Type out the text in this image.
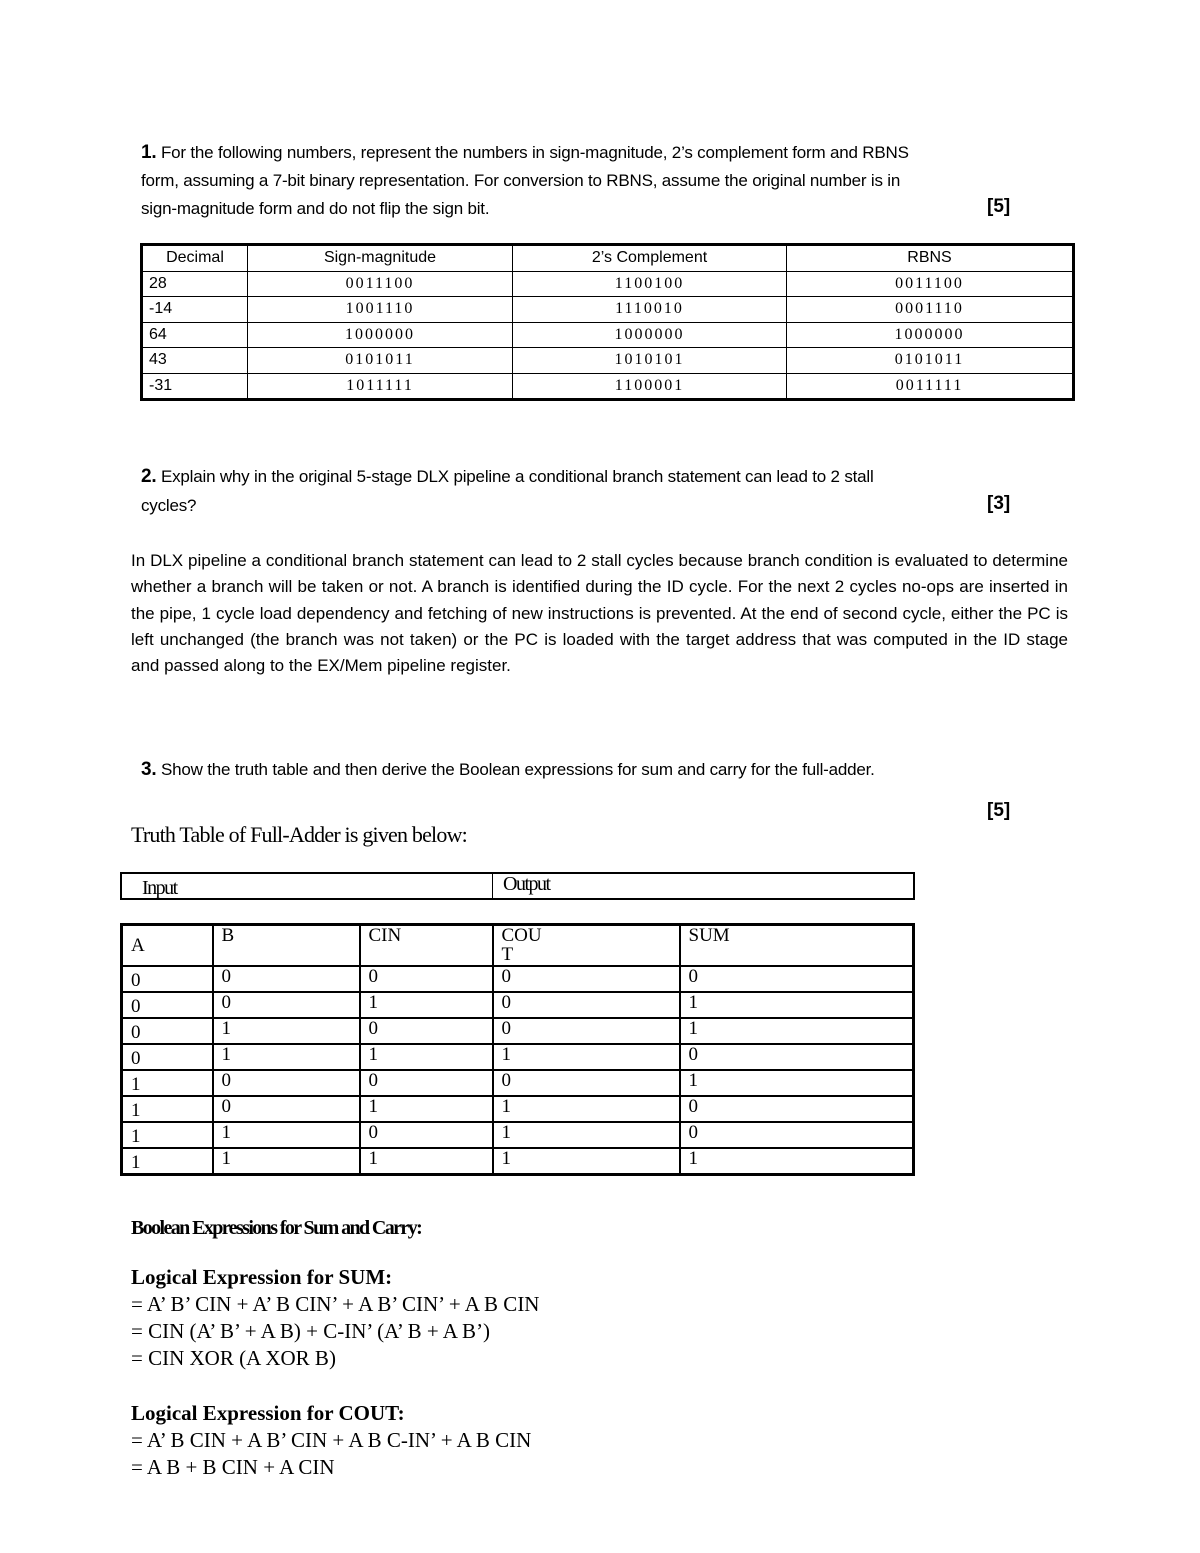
1. For the following numbers, represent the numbers in sign-magnitude, 2’s complement form and RBNS
form, assuming a 7-bit binary representation. For conversion to RBNS, assume the original number is in
sign-magnitude form and do not flip the sign bit.	[5]
Decimal	Sign-magnitude	2’s Complement	RBNS
28	0011100	1100100	0011100
-14	1001110	1110010	0001110
64	1000000	1000000	1000000
43	0101011	1010101	0101011
-31	1011111	1100001	0011111
2. Explain why in the original 5-stage DLX pipeline a conditional branch statement can lead to 2 stall
cycles?	[3]

In DLX pipeline a conditional branch statement can lead to 2 stall cycles because branch condition is evaluated to determine whether a branch will be taken or not. A branch is identified during the ID cycle. For the next 2 cycles no-ops are inserted in the pipe, 1 cycle load dependency and fetching of new instructions is prevented. At the end of second cycle, either the PC is left unchanged (the branch was not taken) or the PC is loaded with the target address that was computed in the ID stage and passed along to the EX/Mem pipeline register.

3. Show the truth table and then derive the Boolean expressions for sum and carry for the full-adder.
[5]
Truth Table of Full-Adder is given below:
Input	Output
A	B	CIN	COUT	SUM
0	0	0	0	0
0	0	1	0	1
0	1	0	0	1
0	1	1	1	0
1	0	0	0	1
1	0	1	1	0
1	1	0	1	0
1	1	1	1	1
Boolean Expressions for Sum and Carry:
Logical Expression for SUM:
= A’ B’ CIN + A’ B CIN’ + A B’ CIN’ + A B CIN
= CIN (A’ B’ + A B) + C-IN’ (A’ B + A B’)
= CIN XOR (A XOR B)
Logical Expression for COUT:
= A’ B CIN + A B’ CIN + A B C-IN’ + A B CIN
= A B + B CIN + A CIN
